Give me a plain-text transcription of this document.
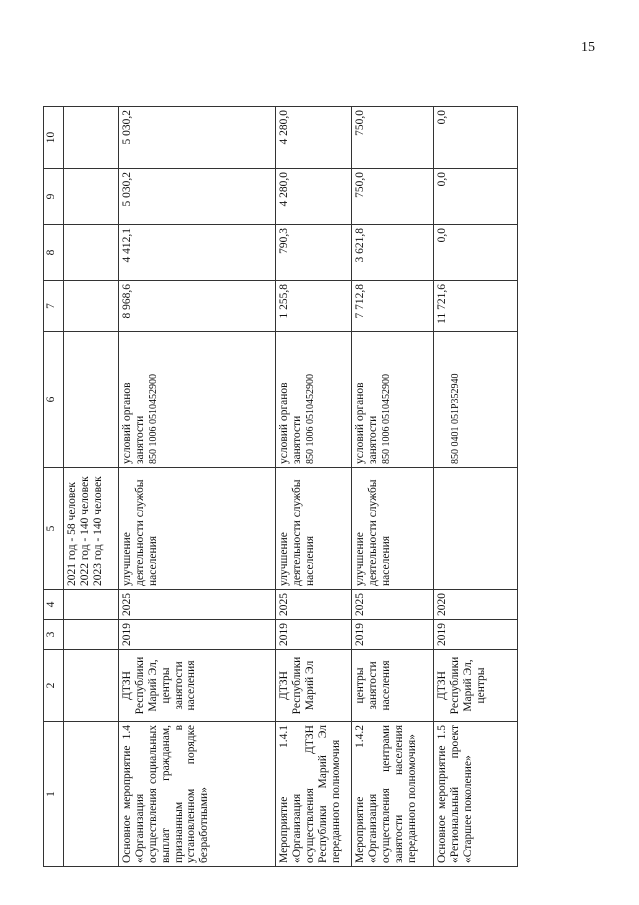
15
1	2	3	4	5	6	7	8	9	10

				2021 год - 58 человек
2022 год - 140 человек
2023 год - 140 человек					

Основное мероприятие 1.4 «Организация осуществления социальных выплат гражданам, признанным в установленном порядке безработными»	ДТЗН Республики Марий Эл, центры занятости населения	2019	2025	улучшение деятельности службы населения	условий органов занятости 850 1006 0510452900	8 968,6	4 412,1	5 030,2	5 030,2
Мероприятие 1.4.1 «Организация осуществления ДТЗН Республики Марий Эл переданного полномочия	ДТЗН Республики Марий Эл	2019	2025	улучшение деятельности службы населения	условий органов занятости 850 1006 0510452900	1 255,8	790,3	4 280,0	4 280,0
Мероприятие 1.4.2 «Организация осуществления центрами занятости населения переданного полномочия»	центры занятости населения	2019	2025	улучшение деятельности службы населения	условий органов занятости 850 1006 0510452900	7 712,8	3 621,8	750,0	750,0
Основное мероприятие 1.5 «Региональный проект «Старшее поколение»	ДТЗН Республики Марий Эл, центры	2019	2020		850 0401 051P352940	11 721,6	0,0	0,0	0,0
